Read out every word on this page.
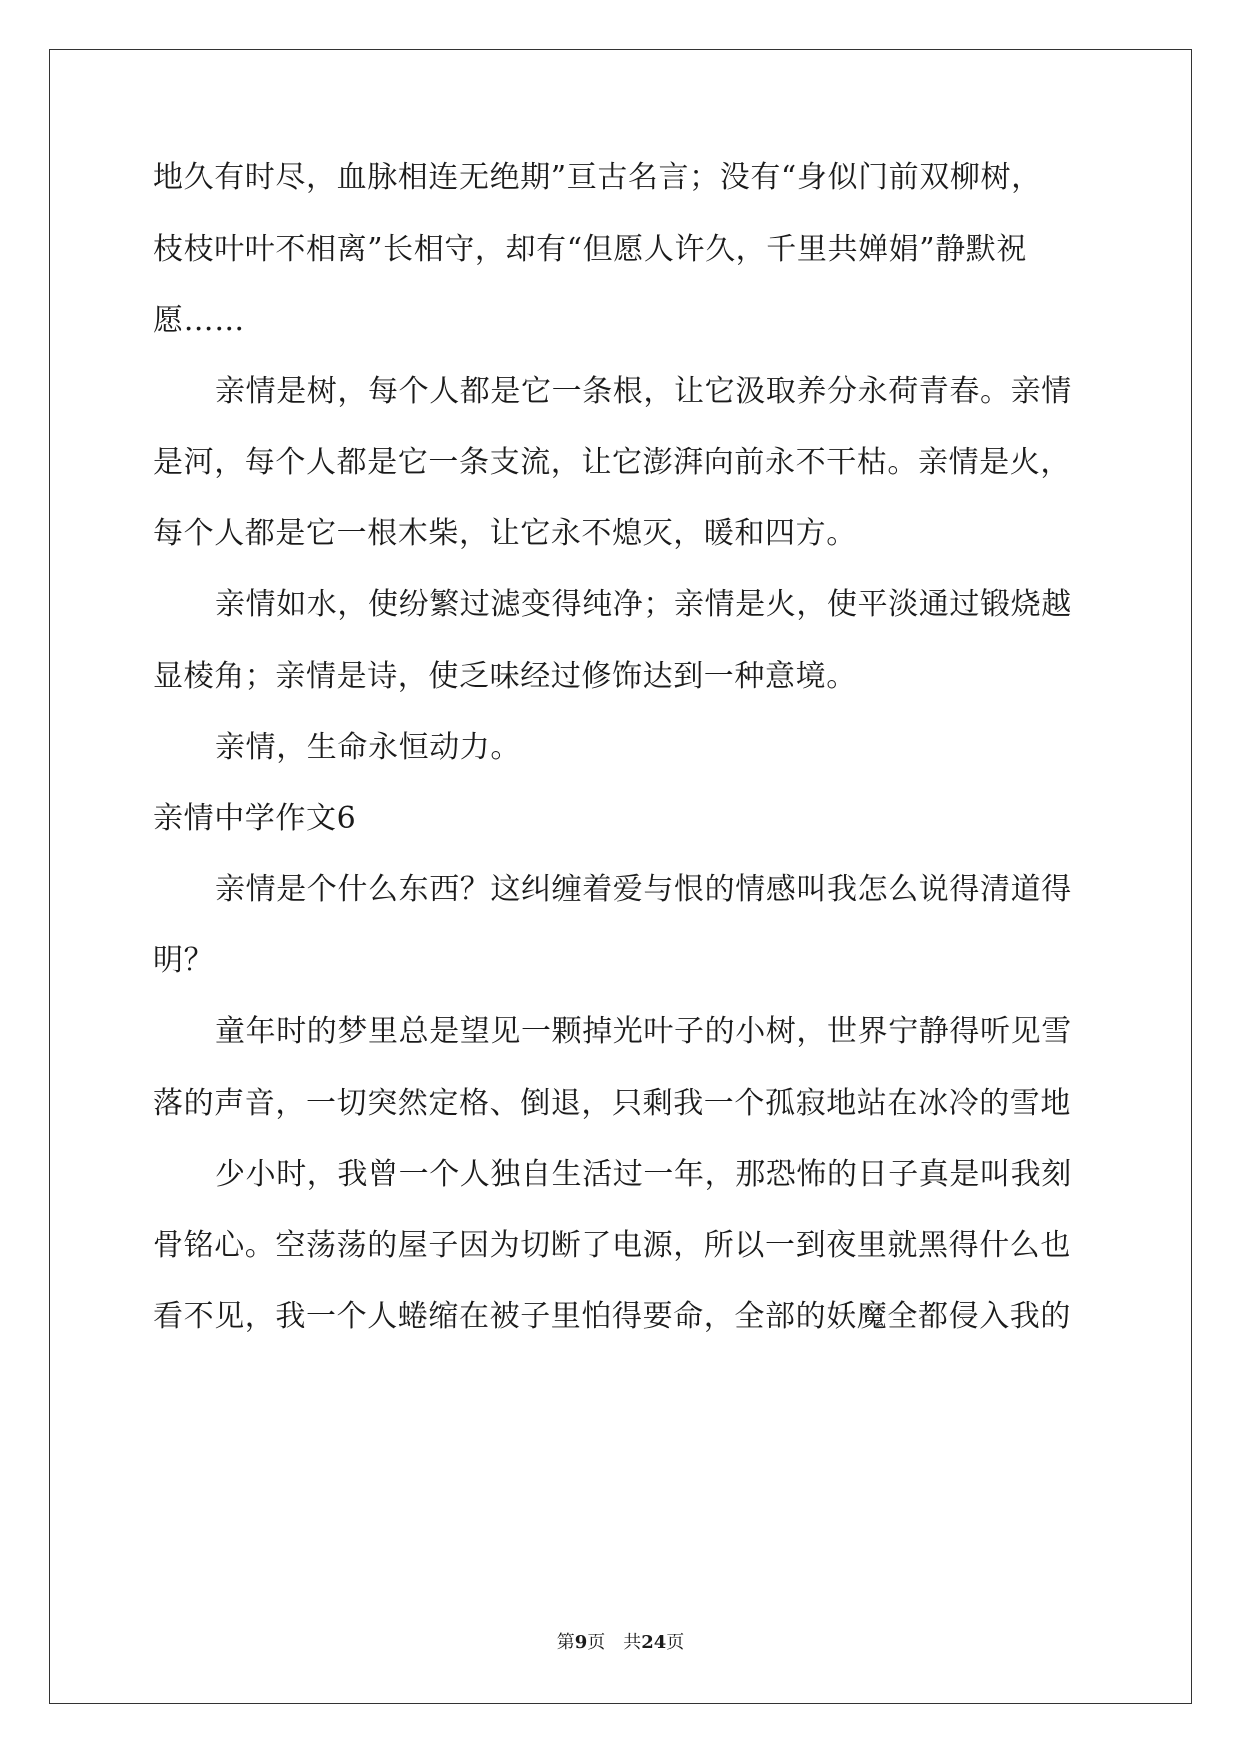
地久有时尽，血脉相连无绝期”亘古名言；没有“身似门前双柳树，
枝枝叶叶不相离”长相守，却有“但愿人许久，千里共婵娟”静默祝
愿……
亲情是树，每个人都是它一条根，让它汲取养分永荷青春。亲情
是河，每个人都是它一条支流，让它澎湃向前永不干枯。亲情是火，
每个人都是它一根木柴，让它永不熄灭，暖和四方。
亲情如水，使纷繁过滤变得纯净；亲情是火，使平淡通过锻烧越
显棱角；亲情是诗，使乏味经过修饰达到一种意境。
亲情，生命永恒动力。
亲情中学作文6
亲情是个什么东西？这纠缠着爱与恨的情感叫我怎么说得清道得
明？
童年时的梦里总是望见一颗掉光叶子的小树，世界宁静得听见雪
落的声音，一切突然定格、倒退，只剩我一个孤寂地站在冰冷的雪地
少小时，我曾一个人独自生活过一年，那恐怖的日子真是叫我刻
骨铭心。空荡荡的屋子因为切断了电源，所以一到夜里就黑得什么也
看不见，我一个人蜷缩在被子里怕得要命，全部的妖魔全都侵入我的
第9页 共24页
